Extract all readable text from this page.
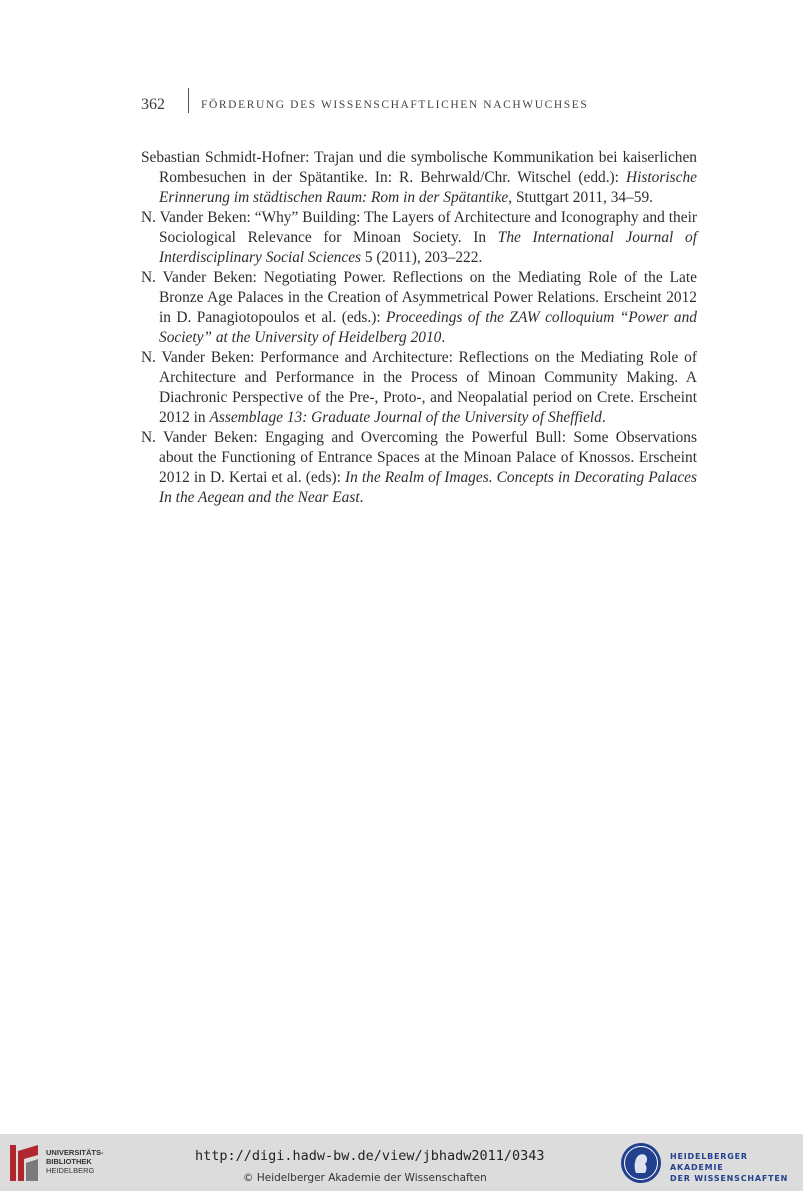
362	FÖRDERUNG DES WISSENSCHAFTLICHEN NACHWUCHSES

Sebastian Schmidt-Hofner: Trajan und die symbolische Kommunikation bei kaiserlichen Rombesuchen in der Spätantike. In: R. Behrwald/Chr. Witschel (edd.): Historische Erinnerung im städtischen Raum: Rom in der Spätantike, Stuttgart 2011, 34–59.

N. Vander Beken: “Why” Building: The Layers of Architecture and Iconography and their Sociological Relevance for Minoan Society. In The International Journal of Interdisciplinary Social Sciences 5 (2011), 203–222.

N. Vander Beken: Negotiating Power. Reflections on the Mediating Role of the Late Bronze Age Palaces in the Creation of Asymmetrical Power Relations. Erscheint 2012 in D. Panagiotopoulos et al. (eds.): Proceedings of the ZAW colloquium “Power and Society” at the University of Heidelberg 2010.

N. Vander Beken: Performance and Architecture: Reflections on the Mediating Role of Architecture and Performance in the Process of Minoan Community Making. A Diachronic Perspective of the Pre-, Proto-, and Neopalatial period on Crete. Erscheint 2012 in Assemblage 13: Graduate Journal of the University of Sheffield.

N. Vander Beken: Engaging and Overcoming the Powerful Bull: Some Observations about the Functioning of Entrance Spaces at the Minoan Palace of Knossos. Erscheint 2012 in D. Kertai et al. (eds): In the Realm of Images. Concepts in Decorating Palaces In the Aegean and the Near East.

UNIVERSITÄTS-
BIBLIOTHEK
HEIDELBERG
http://digi.hadw-bw.de/view/jbhadw2011/0343
© Heidelberger Akademie der Wissenschaften
HEIDELBERGER AKADEMIE
DER WISSENSCHAFTEN
